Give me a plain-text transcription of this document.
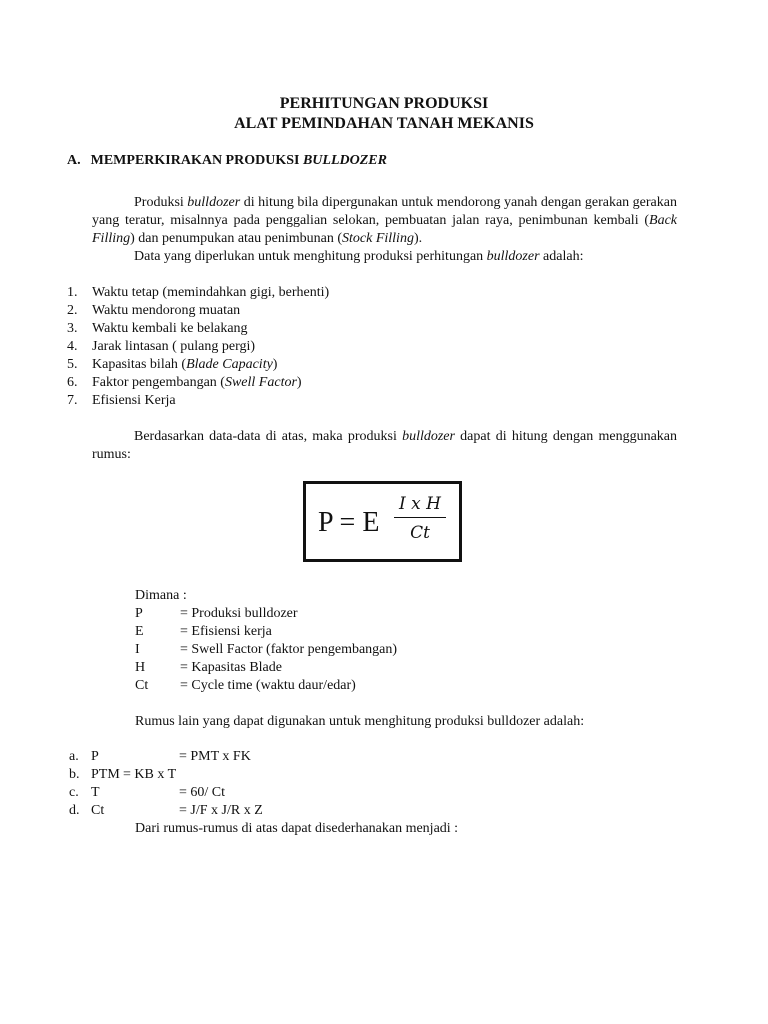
PERHITUNGAN PRODUKSI
ALAT PEMINDAHAN TANAH MEKANIS
A. MEMPERKIRAKAN PRODUKSI BULLDOZER
Produksi bulldozer di hitung bila dipergunakan untuk mendorong yanah dengan gerakan gerakan yang teratur, misalnnya pada penggalian selokan, pembuatan jalan raya, penimbunan kembali (Back Filling) dan penumpukan atau penimbunan (Stock Filling).
Data yang diperlukan untuk menghitung produksi perhitungan bulldozer adalah:
1. Waktu tetap (memindahkan gigi, berhenti)
2. Waktu mendorong muatan
3. Waktu kembali ke belakang
4. Jarak lintasan ( pulang pergi)
5. Kapasitas bilah (Blade Capacity)
6. Faktor pengembangan (Swell Factor)
7. Efisiensi Kerja
Berdasarkan data-data di atas, maka produksi bulldozer dapat di hitung dengan menggunakan rumus:
P = E $\frac{\text{I x H}}{Ct}$
Dimana :
P	= Produksi bulldozer
E	= Efisiensi kerja
I	= Swell Factor (faktor pengembangan)
H = Kapasitas Blade
Ct = Cycle time (waktu daur/edar)
Rumus lain yang dapat digunakan untuk menghitung produksi bulldozer adalah:
a. P	= PMT x FK
b. PTM = KB x T
c. T	= 60/ Ct
d. Ct	= J/F x J/R x Z
Dari rumus-rumus di atas dapat disederhanakan menjadi :
